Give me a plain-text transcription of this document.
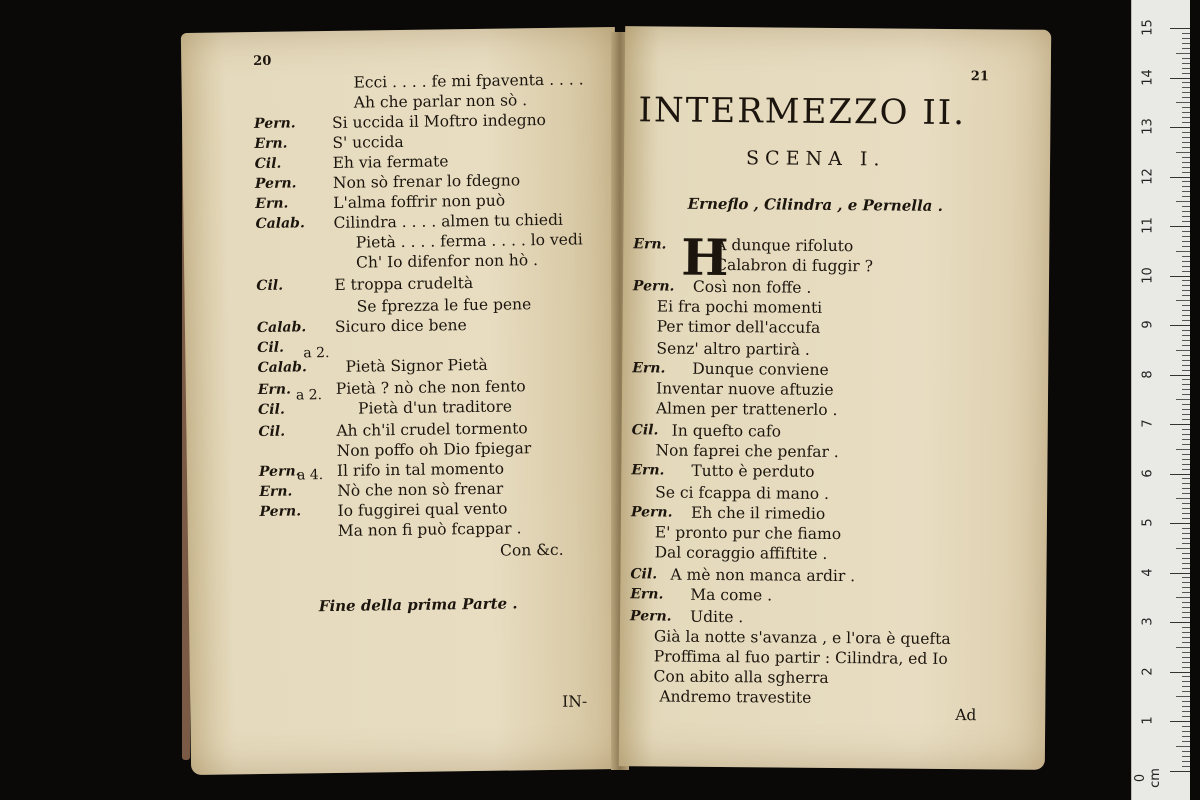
20
Ecci . . . . fe mi fpaventa . . . .
Ah che parlar non sò .
Pern. Si uccida il Moftro indegno
Ern.	S' uccida
Cil.	Eh via fermate
Pern. Non sò frenar lo fdegno
Ern.	L'alma foffrir non può
Calab. Cilindra . . . . almen tu chiedi
Pietà . . . . ferma . . . . lo vedi
Ch' Io difenfor non hò .
Cil.	E troppa crudeltà
Se fprezza le fue pene
Calab. Sicuro dice bene
Cil.
Calab. Pietà Signor Pietà
Ern.	Pietà ? nò che non fento
Cil.	Pietà d'un traditore
Cil.	Ah ch'il crudel tormento
Non poffo oh Dio fpiegar
Pern. Il rifo in tal momento
Ern.	Nò che non sò frenar
Pern. Io fuggirei qual vento
Ma non fi può fcappar .
a 2.
a 2.
a 4.
Con &c.
Fine della prima Parte .
IN-
21
INTERMEZZO II.
SCENA I.
Erneflo , Cilindra , e Pernella .
H
Ern.	A dunque rifoluto
Calabron di fuggir ?
Pern. Così non foffe .
Ei fra pochi momenti
Per timor dell'accufa
Senz' altro partirà .
Ern. Dunque conviene
Inventar nuove aftuzie
Almen per trattenerlo .
Cil. In quefto cafo
Non faprei che penfar .
Ern. Tutto è perduto
Se ci fcappa di mano .
Pern. Eh che il rimedio
E' pronto pur che fiamo
Dal coraggio affiftite .
Cil. A mè non manca ardir .
Ern. Ma come .
Pern. Udite .
Già la notte s'avanza , e l'ora è quefta
Proffima al fuo partir : Cilindra, ed Io
Con abito alla sgherra
Andremo travestite
Ad
15
14
13
12
11
10
9
8
7
6
5
4
3
2
1
0 cm
